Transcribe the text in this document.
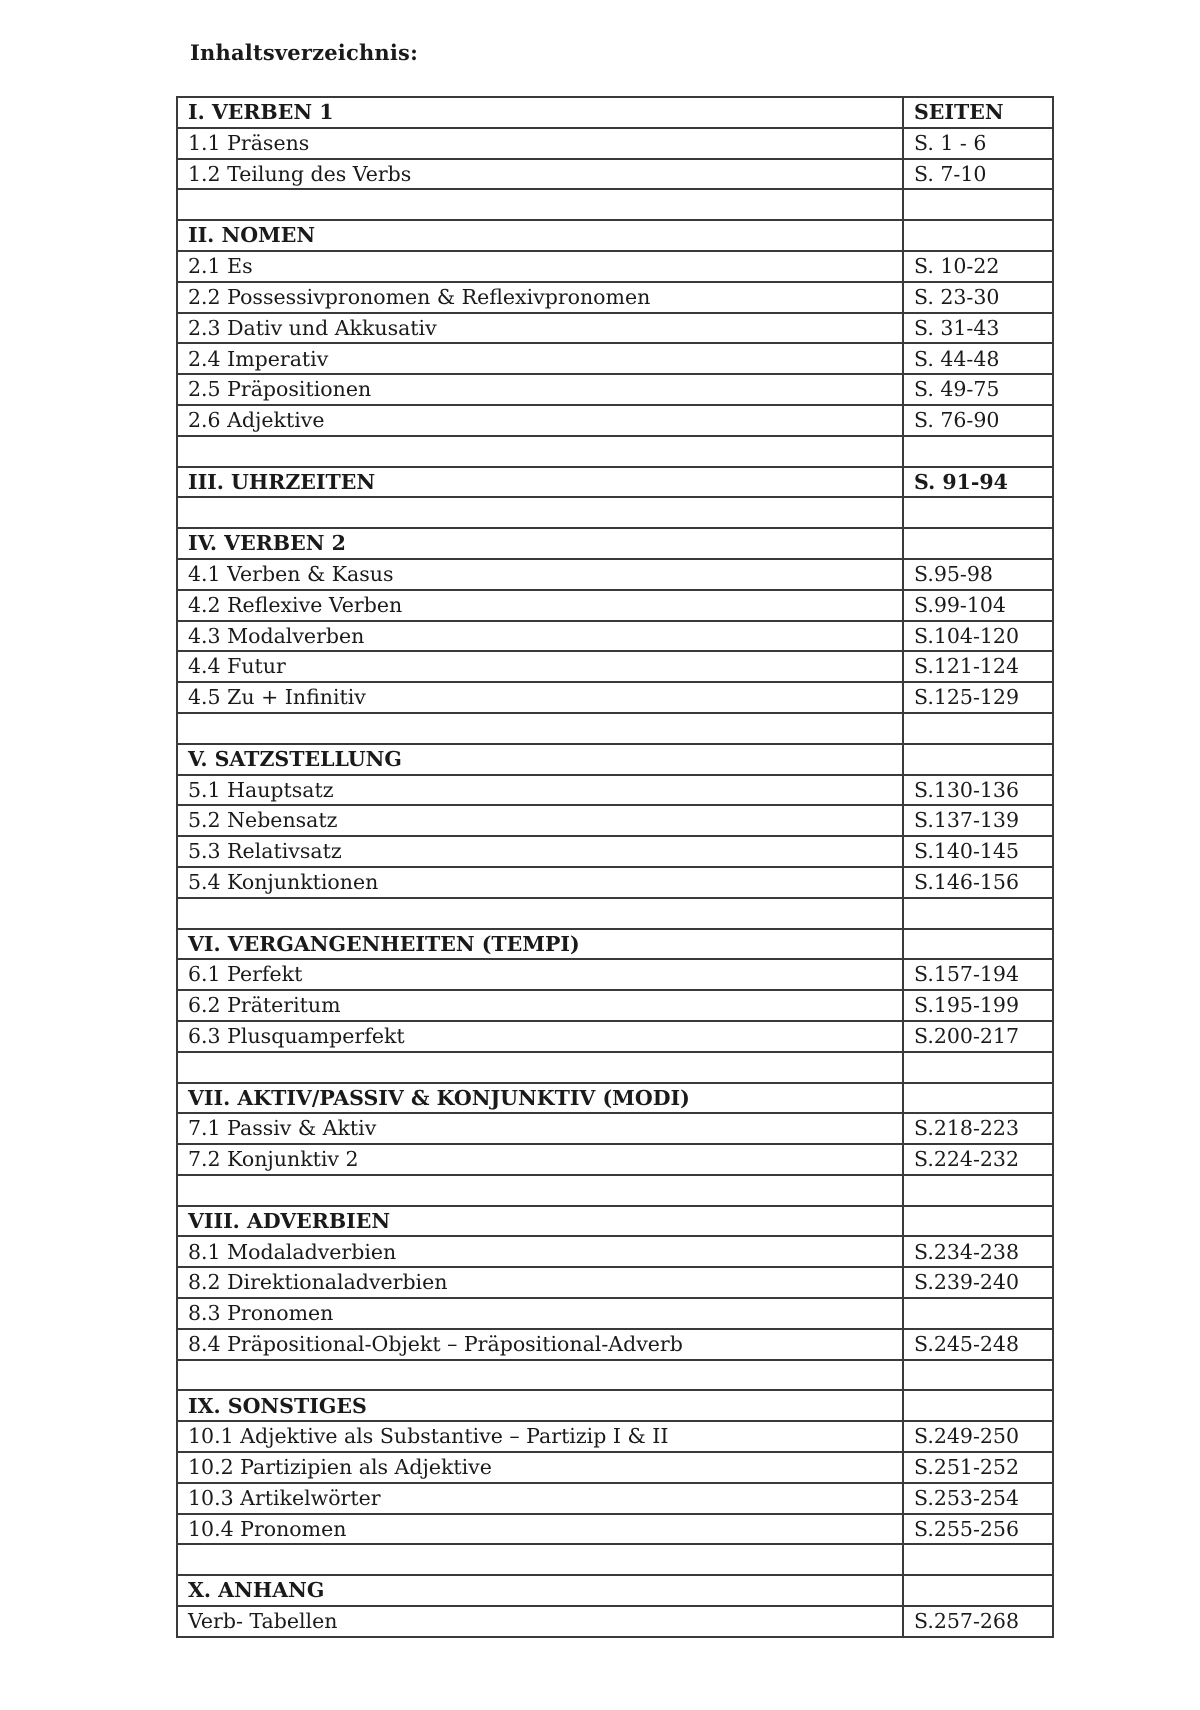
Inhaltsverzeichnis:
I. VERBEN 1	SEITEN
1.1 Präsens	S. 1 - 6
1.2 Teilung des Verbs	S. 7-10

II. NOMEN	
2.1 Es	S. 10-22
2.2 Possessivpronomen & Reflexivpronomen	S. 23-30
2.3 Dativ und Akkusativ	S. 31-43
2.4 Imperativ	S. 44-48
2.5 Präpositionen	S. 49-75
2.6 Adjektive	S. 76-90

III. UHRZEITEN	S. 91-94

IV. VERBEN 2	
4.1 Verben & Kasus	S.95-98
4.2 Reflexive Verben	S.99-104
4.3 Modalverben	S.104-120
4.4 Futur	S.121-124
4.5 Zu + Infinitiv	S.125-129

V. SATZSTELLUNG	
5.1 Hauptsatz	S.130-136
5.2 Nebensatz	S.137-139
5.3 Relativsatz	S.140-145
5.4 Konjunktionen	S.146-156

VI. VERGANGENHEITEN (TEMPI)	
6.1 Perfekt	S.157-194
6.2 Präteritum	S.195-199
6.3 Plusquamperfekt	S.200-217

VII. AKTIV/PASSIV & KONJUNKTIV (MODI)	
7.1 Passiv & Aktiv	S.218-223
7.2 Konjunktiv 2	S.224-232

VIII. ADVERBIEN	
8.1 Modaladverbien	S.234-238
8.2 Direktionaladverbien	S.239-240
8.3 Pronomen	
8.4 Präpositional-Objekt – Präpositional-Adverb	S.245-248

IX. SONSTIGES	
10.1 Adjektive als Substantive – Partizip I & II	S.249-250
10.2 Partizipien als Adjektive	S.251-252
10.3 Artikelwörter	S.253-254
10.4 Pronomen	S.255-256

X. ANHANG	
Verb- Tabellen	S.257-268
